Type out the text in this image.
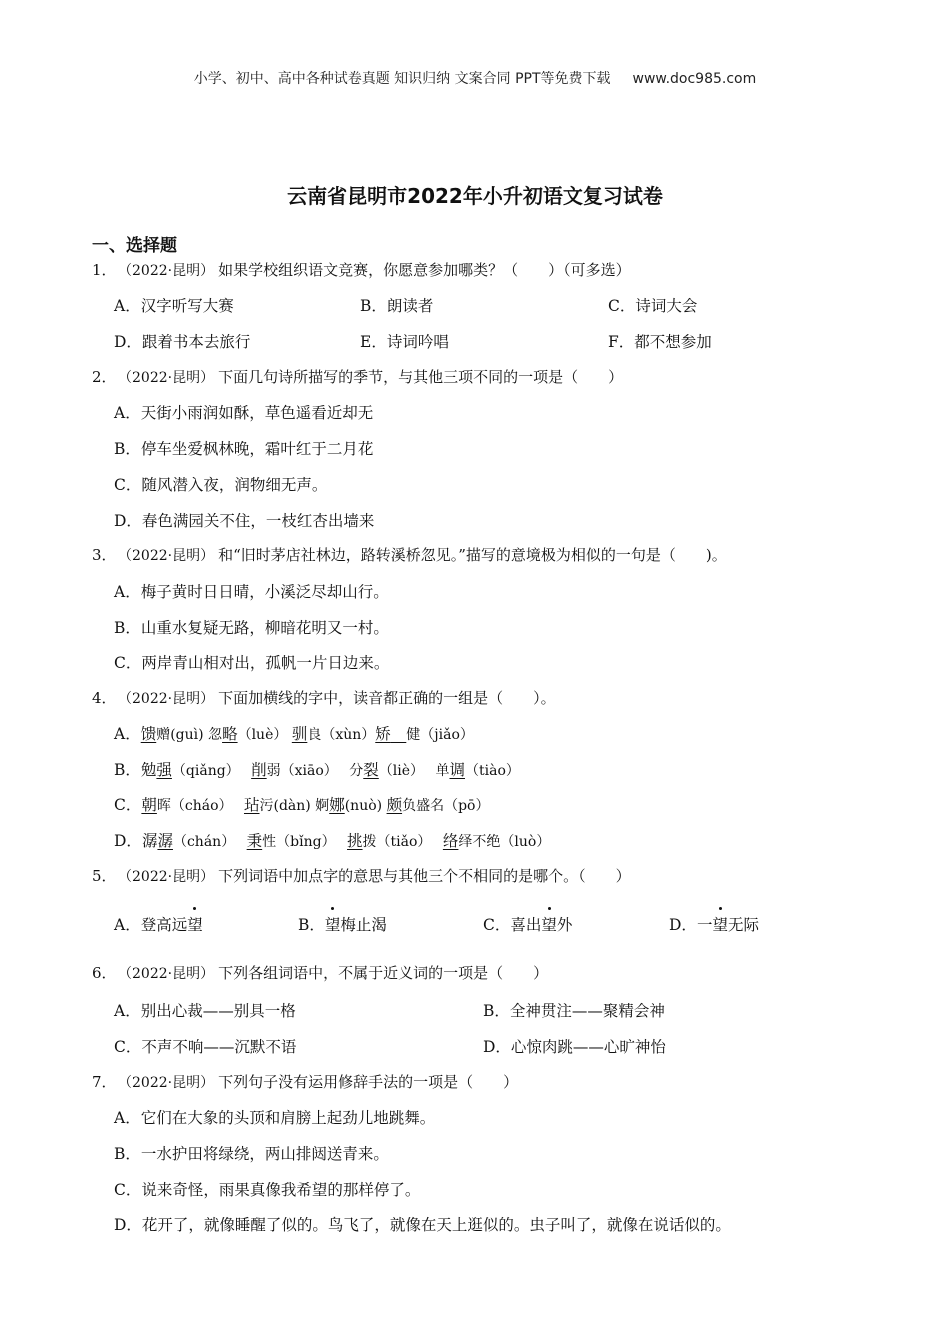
小学、初中、高中各种试卷真题 知识归纳 文案合同 PPT等免费下载 www.doc985.com
云南省昆明市2022年小升初语文复习试卷
一、选择题
1．（2022·昆明） 如果学校组织语文竞赛，你愿意参加哪类？（　　）（可多选）
A．汉字听写大赛	B．朗读者	C．诗词大会
D．跟着书本去旅行	E．诗词吟唱	F．都不想参加
2．（2022·昆明） 下面几句诗所描写的季节，与其他三项不同的一项是（　　）
A．天街小雨润如酥，草色遥看近却无
B．停车坐爱枫林晚，霜叶红于二月花
C．随风潜入夜，润物细无声。
D．春色满园关不住，一枝红杏出墙来
3．（2022·昆明） 和“旧时茅店社林边，路转溪桥忽见。”描写的意境极为相似的一句是（　　)。
A．梅子黄时日日晴，小溪泛尽却山行。
B．山重水复疑无路，柳暗花明又一村。
C．两岸青山相对出，孤帆一片日边来。
4．（2022·昆明） 下面加横线的字中，读音都正确的一组是（　　）。
A．馈赠(guì) 忽略（luè） 驯良（xùn）矫　 健（jiǎo）
B．勉强（qiǎng）　 削弱（xiāo）　 分裂（liè）　 单调（tiào）
C．朝晖（cháo）　 玷污(dàn) 婀娜(nuò) 颇负盛名（pō）
D．潺潺（chán）　 秉性（bǐng）　 挑拨（tiǎo）　 络绎不绝（luò）
5．（2022·昆明） 下列词语中加点字的意思与其他三个不相同的是哪个。（　　）
A．登高远望	B．望梅止渴	C．喜出望外	D．一望无际
6．（2022·昆明） 下列各组词语中，不属于近义词的一项是（　　）
A．别出心裁——别具一格	B．全神贯注——聚精会神
C．不声不响——沉默不语	D．心惊肉跳——心旷神怡
7．（2022·昆明） 下列句子没有运用修辞手法的一项是（　　）
A．它们在大象的头顶和肩膀上起劲儿地跳舞。
B．一水护田将绿绕，两山排闼送青来。
C．说来奇怪，雨果真像我希望的那样停了。
D．花开了，就像睡醒了似的。鸟飞了，就像在天上逛似的。虫子叫了，就像在说话似的。
